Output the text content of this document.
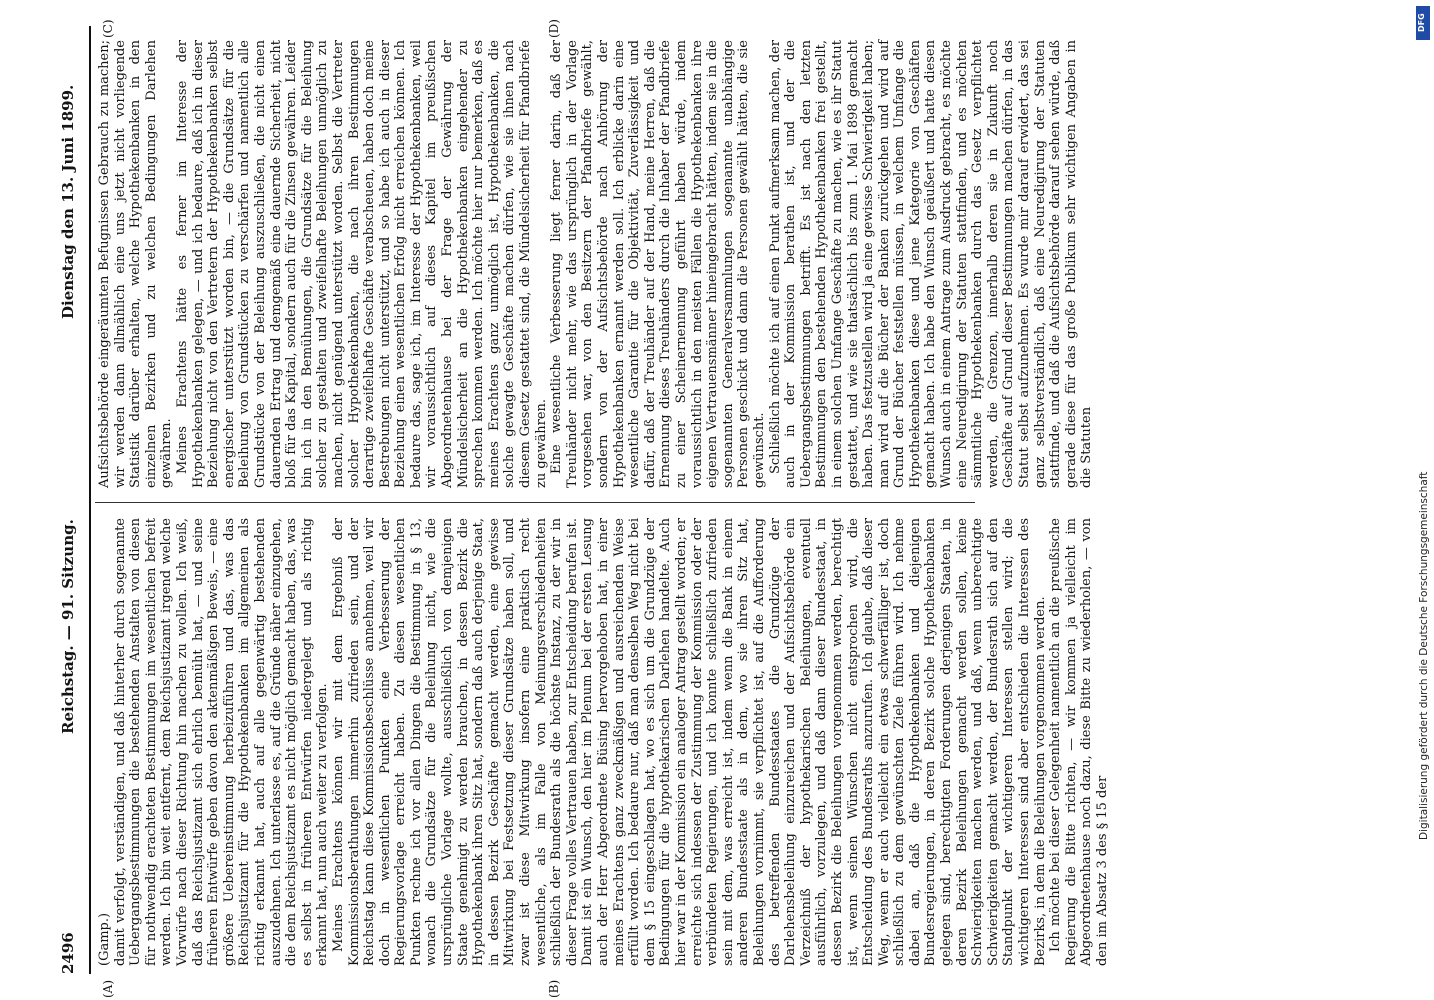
2496
Reichstag. — 91. Sitzung.
Dienstag den 13. Juni 1899.
(A)	(B)
(C)	(D)

(Gamp.) damit verfolgt, verständigen, und daß hinterher durch sogenannte Uebergangsbestimmungen die bestehenden Anstalten von diesen für nothwendig erachteten Bestimmungen im wesentlichen befreit werden. Ich bin weit entfernt, dem Reichsjustizamt irgend welche Vorwürfe nach dieser Richtung hin machen zu wollen. Ich weiß, daß das Reichsjustizamt sich ehrlich bemüht hat, — und seine früheren Entwürfe geben davon den aktenmäßigen Beweis, — eine größere Uebereinstimmung herbeizuführen und das, was das Reichsjustizamt für die Hypothekenbanken im allgemeinen als richtig erkannt hat, auch auf alle gegenwärtig bestehenden auszudehnen. Ich unterlasse es, auf die Gründe näher einzugehen, die dem Reichsjustizamt es nicht möglich gemacht haben, das, was es selbst in früheren Entwürfen niedergelegt und als richtig erkannt hat, nun auch weiter zu verfolgen. Meines Erachtens können wir mit dem Ergebniß der Kommissionsberathungen immerhin zufrieden sein, und der Reichstag kann diese Kommissionsbeschlüsse annehmen, weil wir doch in wesentlichen Punkten eine Verbesserung der Regierungsvorlage erreicht haben. Zu diesen wesentlichen Punkten rechne ich vor allen Dingen die Bestimmung in § 13, wonach die Grundsätze für die Beleihung nicht, wie die ursprüngliche Vorlage wollte, ausschließlich von demjenigen Staate genehmigt zu werden brauchen, in dessen Bezirk die Hypothekenbank ihren Sitz hat, sondern daß auch derjenige Staat, in dessen Bezirk Geschäfte gemacht werden, eine gewisse Mitwirkung bei Festsetzung dieser Grundsätze haben soll, und zwar ist diese Mitwirkung insofern eine praktisch recht wesentliche, als im Falle von Meinungsverschiedenheiten schließlich der Bundesrath als die höchste Instanz, zu der wir in dieser Frage volles Vertrauen haben, zur Entscheidung berufen ist. Damit ist ein Wunsch, den hier im Plenum bei der ersten Lesung auch der Herr Abgeordnete Büsing hervorgehoben hat, in einer meines Erachtens ganz zweckmäßigen und ausreichenden Weise erfüllt worden. Ich bedaure nur, daß man denselben Weg nicht bei dem § 15 eingeschlagen hat, wo es sich um die Grundzüge der Bedingungen für die hypothekarischen Darlehen handelte. Auch hier war in der Kommission ein analoger Antrag gestellt worden; er erreichte sich indessen der Zustimmung der Kommission oder der verbündeten Regierungen, und ich konnte schließlich zufrieden sein mit dem, was erreicht ist, indem wenn die Bank in einem anderen Bundesstaate als in dem, wo sie ihren Sitz hat, Beleihungen vornimmt, sie verpflichtet ist, auf die Aufforderung des betreffenden Bundesstaates die Grundzüge der Darlehensbeleihung einzureichen und der Aufsichtsbehörde ein Verzeichniß der hypothekarischen Beleihungen, eventuell ausführlich, vorzulegen, und daß dann dieser Bundesstaat, in dessen Bezirk die Beleihungen vorgenommen werden, berechtigt ist, wenn seinen Wünschen nicht entsprochen wird, die Entscheidung des Bundesraths anzurufen. Ich glaube, daß dieser Weg, wenn er auch vielleicht ein etwas schwerfälliger ist, doch schließlich zu dem gewünschten Ziele führen wird. Ich nehme dabei an, daß die Hypothekenbanken und diejenigen Bundesregierungen, in deren Bezirk solche Hypothekenbanken gelegen sind, berechtigten Forderungen derjenigen Staaten, in deren Bezirk Beleihungen gemacht werden sollen, keine Schwierigkeiten machen werden, und daß, wenn unberechtigte Schwierigkeiten gemacht werden, der Bundesrath sich auf den Standpunkt der wichtigeren Interessen stellen wird; die wichtigeren Interessen sind aber entschieden die Interessen des Bezirks, in dem die Beleihungen vorgenommen werden. Ich möchte bei dieser Gelegenheit namentlich an die preußische Regierung die Bitte richten, — wir kommen ja vielleicht im Abgeordnetenhause noch dazu, diese Bitte zu wiederholen, — von den im Absatz 3 des § 15 der

Aufsichtsbehörde eingeräumten Befugnissen Gebrauch zu machen; wir werden dann allmählich eine uns jetzt nicht vorliegende Statistik darüber erhalten, welche Hypothekenbanken in den einzelnen Bezirken und zu welchen Bedingungen Darlehen gewähren. Meines Erachtens hätte es ferner im Interesse der Hypothekenbanken gelegen, — und ich bedaure, daß ich in dieser Beziehung nicht von den Vertretern der Hypothekenbanken selbst energischer unterstützt worden bin, — die Grundsätze für die Beleihung von Grundstücken zu verschärfen und namentlich alle Grundstücke von der Beleihung auszuschließen, die nicht einen dauernden Ertrag und demgemäß eine dauernde Sicherheit, nicht bloß für das Kapital, sondern auch für die Zinsen gewähren. Leider bin ich in den Bemühungen, die Grundsätze für die Beleihung solcher zu gestalten und zweifelhafte Beleihungen unmöglich zu machen, nicht genügend unterstützt worden. Selbst die Vertreter solcher Hypothekenbanken, die nach ihren Bestimmungen derartige zweifelhafte Geschäfte verabscheuen, haben doch meine Bestrebungen nicht unterstützt, und so habe ich auch in dieser Beziehung einen wesentlichen Erfolg nicht erreichen können. Ich bedaure das, sage ich, im Interesse der Hypothekenbanken, weil wir voraussichtlich auf dieses Kapitel im preußischen Abgeordnetenhause bei der Frage der Gewährung der Mündelsicherheit an die Hypothekenbanken eingehender zu sprechen kommen werden. Ich möchte hier nur bemerken, daß es meines Erachtens ganz unmöglich ist, Hypothekenbanken, die solche gewagte Geschäfte machen dürfen, wie sie ihnen nach diesem Gesetz gestattet sind, die Mündelsicherheit für Pfandbriefe zu gewähren. Eine wesentliche Verbesserung liegt ferner darin, daß der Treuhänder nicht mehr, wie das ursprünglich in der Vorlage vorgesehen war, von den Besitzern der Pfandbriefe gewählt, sondern von der Aufsichtsbehörde nach Anhörung der Hypothekenbanken ernannt werden soll. Ich erblicke darin eine wesentliche Garantie für die Objektivität, Zuverlässigkeit und dafür, daß der Treuhänder auf der Hand, meine Herren, daß die Ernennung dieses Treuhänders durch die Inhaber der Pfandbriefe zu einer Scheinernennung geführt haben würde, indem voraussichtlich in den meisten Fällen die Hypothekenbanken ihre eigenen Vertrauensmänner hineingebracht hätten, indem sie in die sogenannten Generalversammlungen sogenannte unabhängige Personen geschickt und dann die Personen gewählt hätten, die sie gewünscht. Schließlich möchte ich auf einen Punkt aufmerksam machen, der auch in der Kommission berathen ist, und der die Uebergangsbestimmungen betrifft. Es ist nach den letzten Bestimmungen den bestehenden Hypothekenbanken frei gestellt, in einem solchen Umfange Geschäfte zu machen, wie es ihr Statut gestattet, und wie sie thatsächlich bis zum 1. Mai 1898 gemacht haben. Das festzustellen wird ja eine gewisse Schwierigkeit haben; man wird auf die Bücher der Banken zurückgehen und wird auf Grund der Bücher feststellen müssen, in welchem Umfange die Hypothekenbanken diese und jene Kategorie von Geschäften gemacht haben. Ich habe den Wunsch geäußert und hatte diesen Wunsch auch in einem Antrage zum Ausdruck gebracht, es möchte eine Neuredigirung der Statuten stattfinden, und es möchten sämmtliche Hypothekenbanken durch das Gesetz verpflichtet werden, die Grenzen, innerhalb deren sie in Zukunft noch Geschäfte auf Grund dieser Bestimmungen machen dürfen, in das Statut selbst aufzunehmen. Es wurde mir darauf erwidert, das sei ganz selbstverständlich, daß eine Neuredigirung der Statuten stattfinde, und daß die Aufsichtsbehörde darauf sehen würde, daß gerade diese für das große Publikum sehr wichtigen Angaben in die Statuten

DFG
Digitalisierung gefördert durch die Deutsche Forschungsgemeinschaft
